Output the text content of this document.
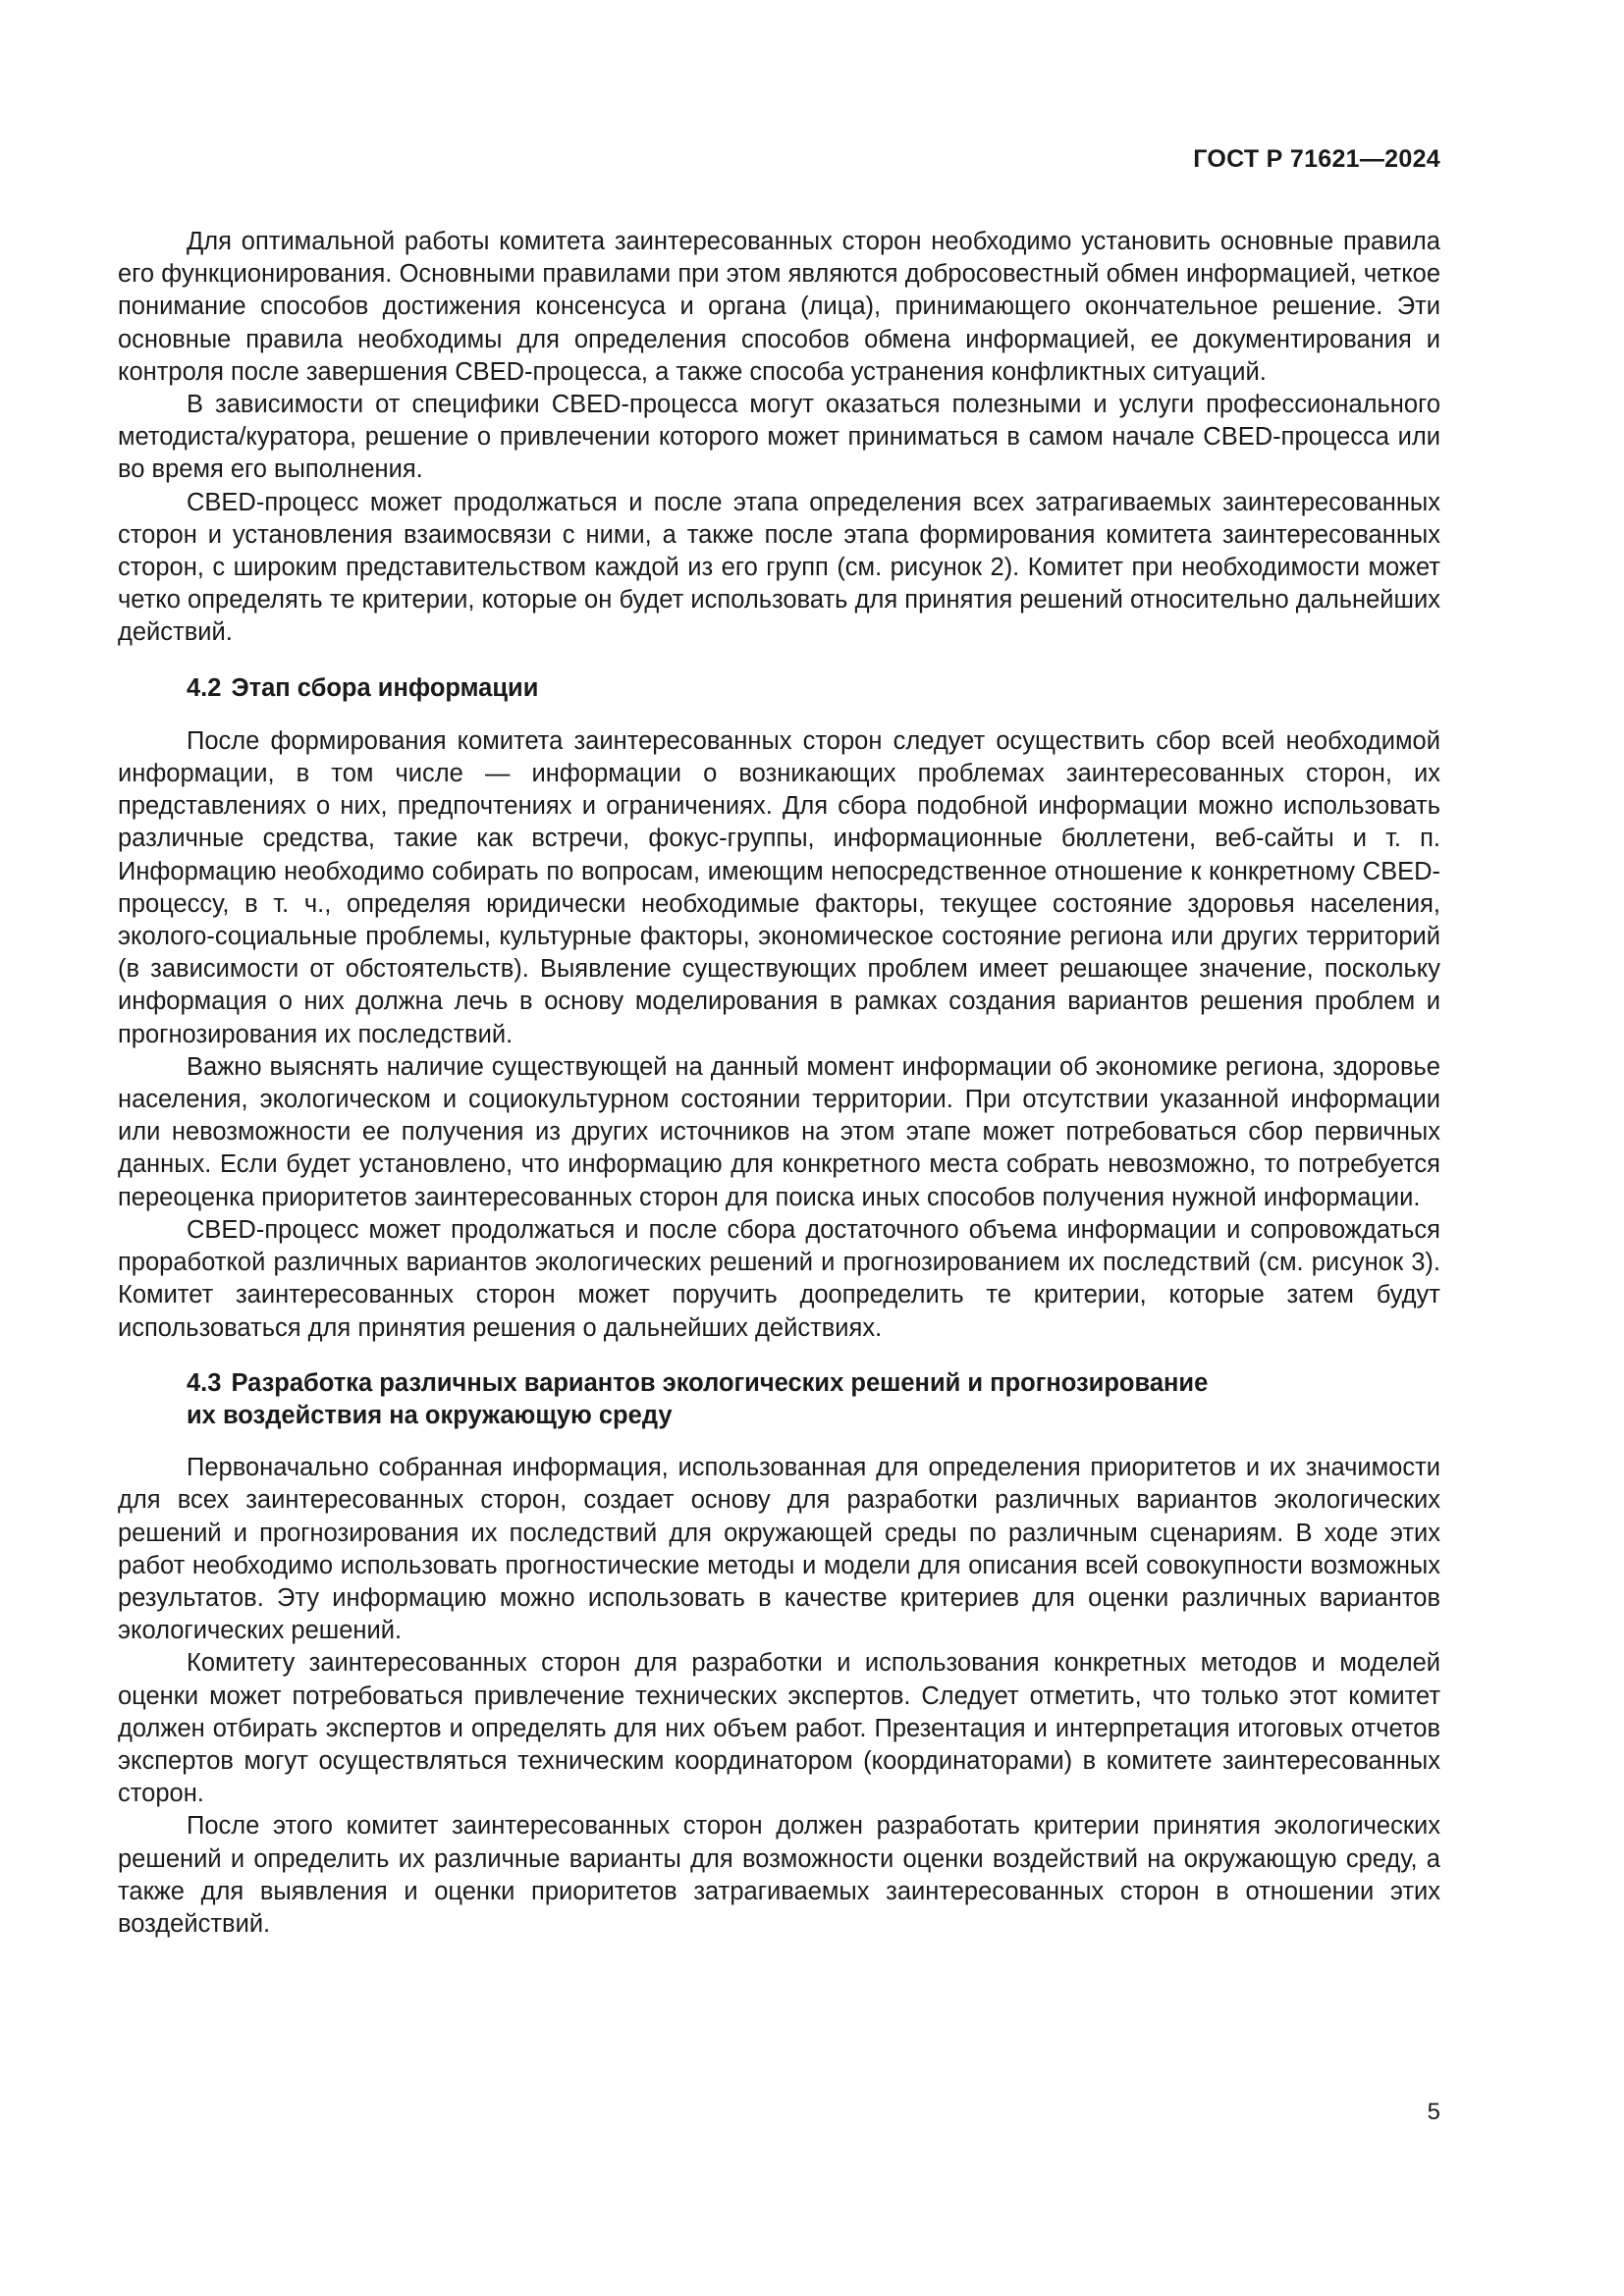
ГОСТ Р 71621—2024

Для оптимальной работы комитета заинтересованных сторон необходимо установить основные правила его функционирования. Основными правилами при этом являются добросовестный обмен информацией, четкое понимание способов достижения консенсуса и органа (лица), принимающего окончательное решение. Эти основные правила необходимы для определения способов обмена информацией, ее документирования и контроля после завершения CBED-процесса, а также способа устранения конфликтных ситуаций.

В зависимости от специфики CBED-процесса могут оказаться полезными и услуги профессионального методиста/куратора, решение о привлечении которого может приниматься в самом начале CBED-процесса или во время его выполнения.

CBED-процесс может продолжаться и после этапа определения всех затрагиваемых заинтересованных сторон и установления взаимосвязи с ними, а также после этапа формирования комитета заинтересованных сторон, с широким представительством каждой из его групп (см. рисунок 2). Комитет при необходимости может четко определять те критерии, которые он будет использовать для принятия решений относительно дальнейших действий.

4.2 Этап сбора информации

После формирования комитета заинтересованных сторон следует осуществить сбор всей необходимой информации, в том числе — информации о возникающих проблемах заинтересованных сторон, их представлениях о них, предпочтениях и ограничениях. Для сбора подобной информации можно использовать различные средства, такие как встречи, фокус-группы, информационные бюллетени, веб-сайты и т. п. Информацию необходимо собирать по вопросам, имеющим непосредственное отношение к конкретному CBED-процессу, в т. ч., определяя юридически необходимые факторы, текущее состояние здоровья населения, эколого-социальные проблемы, культурные факторы, экономическое состояние региона или других территорий (в зависимости от обстоятельств). Выявление существующих проблем имеет решающее значение, поскольку информация о них должна лечь в основу моделирования в рамках создания вариантов решения проблем и прогнозирования их последствий.

Важно выяснять наличие существующей на данный момент информации об экономике региона, здоровье населения, экологическом и социокультурном состоянии территории. При отсутствии указанной информации или невозможности ее получения из других источников на этом этапе может потребоваться сбор первичных данных. Если будет установлено, что информацию для конкретного места собрать невозможно, то потребуется переоценка приоритетов заинтересованных сторон для поиска иных способов получения нужной информации.

CBED-процесс может продолжаться и после сбора достаточного объема информации и сопровождаться проработкой различных вариантов экологических решений и прогнозированием их последствий (см. рисунок 3). Комитет заинтересованных сторон может поручить доопределить те критерии, которые затем будут использоваться для принятия решения о дальнейших действиях.

4.3 Разработка различных вариантов экологических решений и прогнозирование
их воздействия на окружающую среду

Первоначально собранная информация, использованная для определения приоритетов и их значимости для всех заинтересованных сторон, создает основу для разработки различных вариантов экологических решений и прогнозирования их последствий для окружающей среды по различным сценариям. В ходе этих работ необходимо использовать прогностические методы и модели для описания всей совокупности возможных результатов. Эту информацию можно использовать в качестве критериев для оценки различных вариантов экологических решений.

Комитету заинтересованных сторон для разработки и использования конкретных методов и моделей оценки может потребоваться привлечение технических экспертов. Следует отметить, что только этот комитет должен отбирать экспертов и определять для них объем работ. Презентация и интерпретация итоговых отчетов экспертов могут осуществляться техническим координатором (координаторами) в комитете заинтересованных сторон.

После этого комитет заинтересованных сторон должен разработать критерии принятия экологических решений и определить их различные варианты для возможности оценки воздействий на окружающую среду, а также для выявления и оценки приоритетов затрагиваемых заинтересованных сторон в отношении этих воздействий.

5
